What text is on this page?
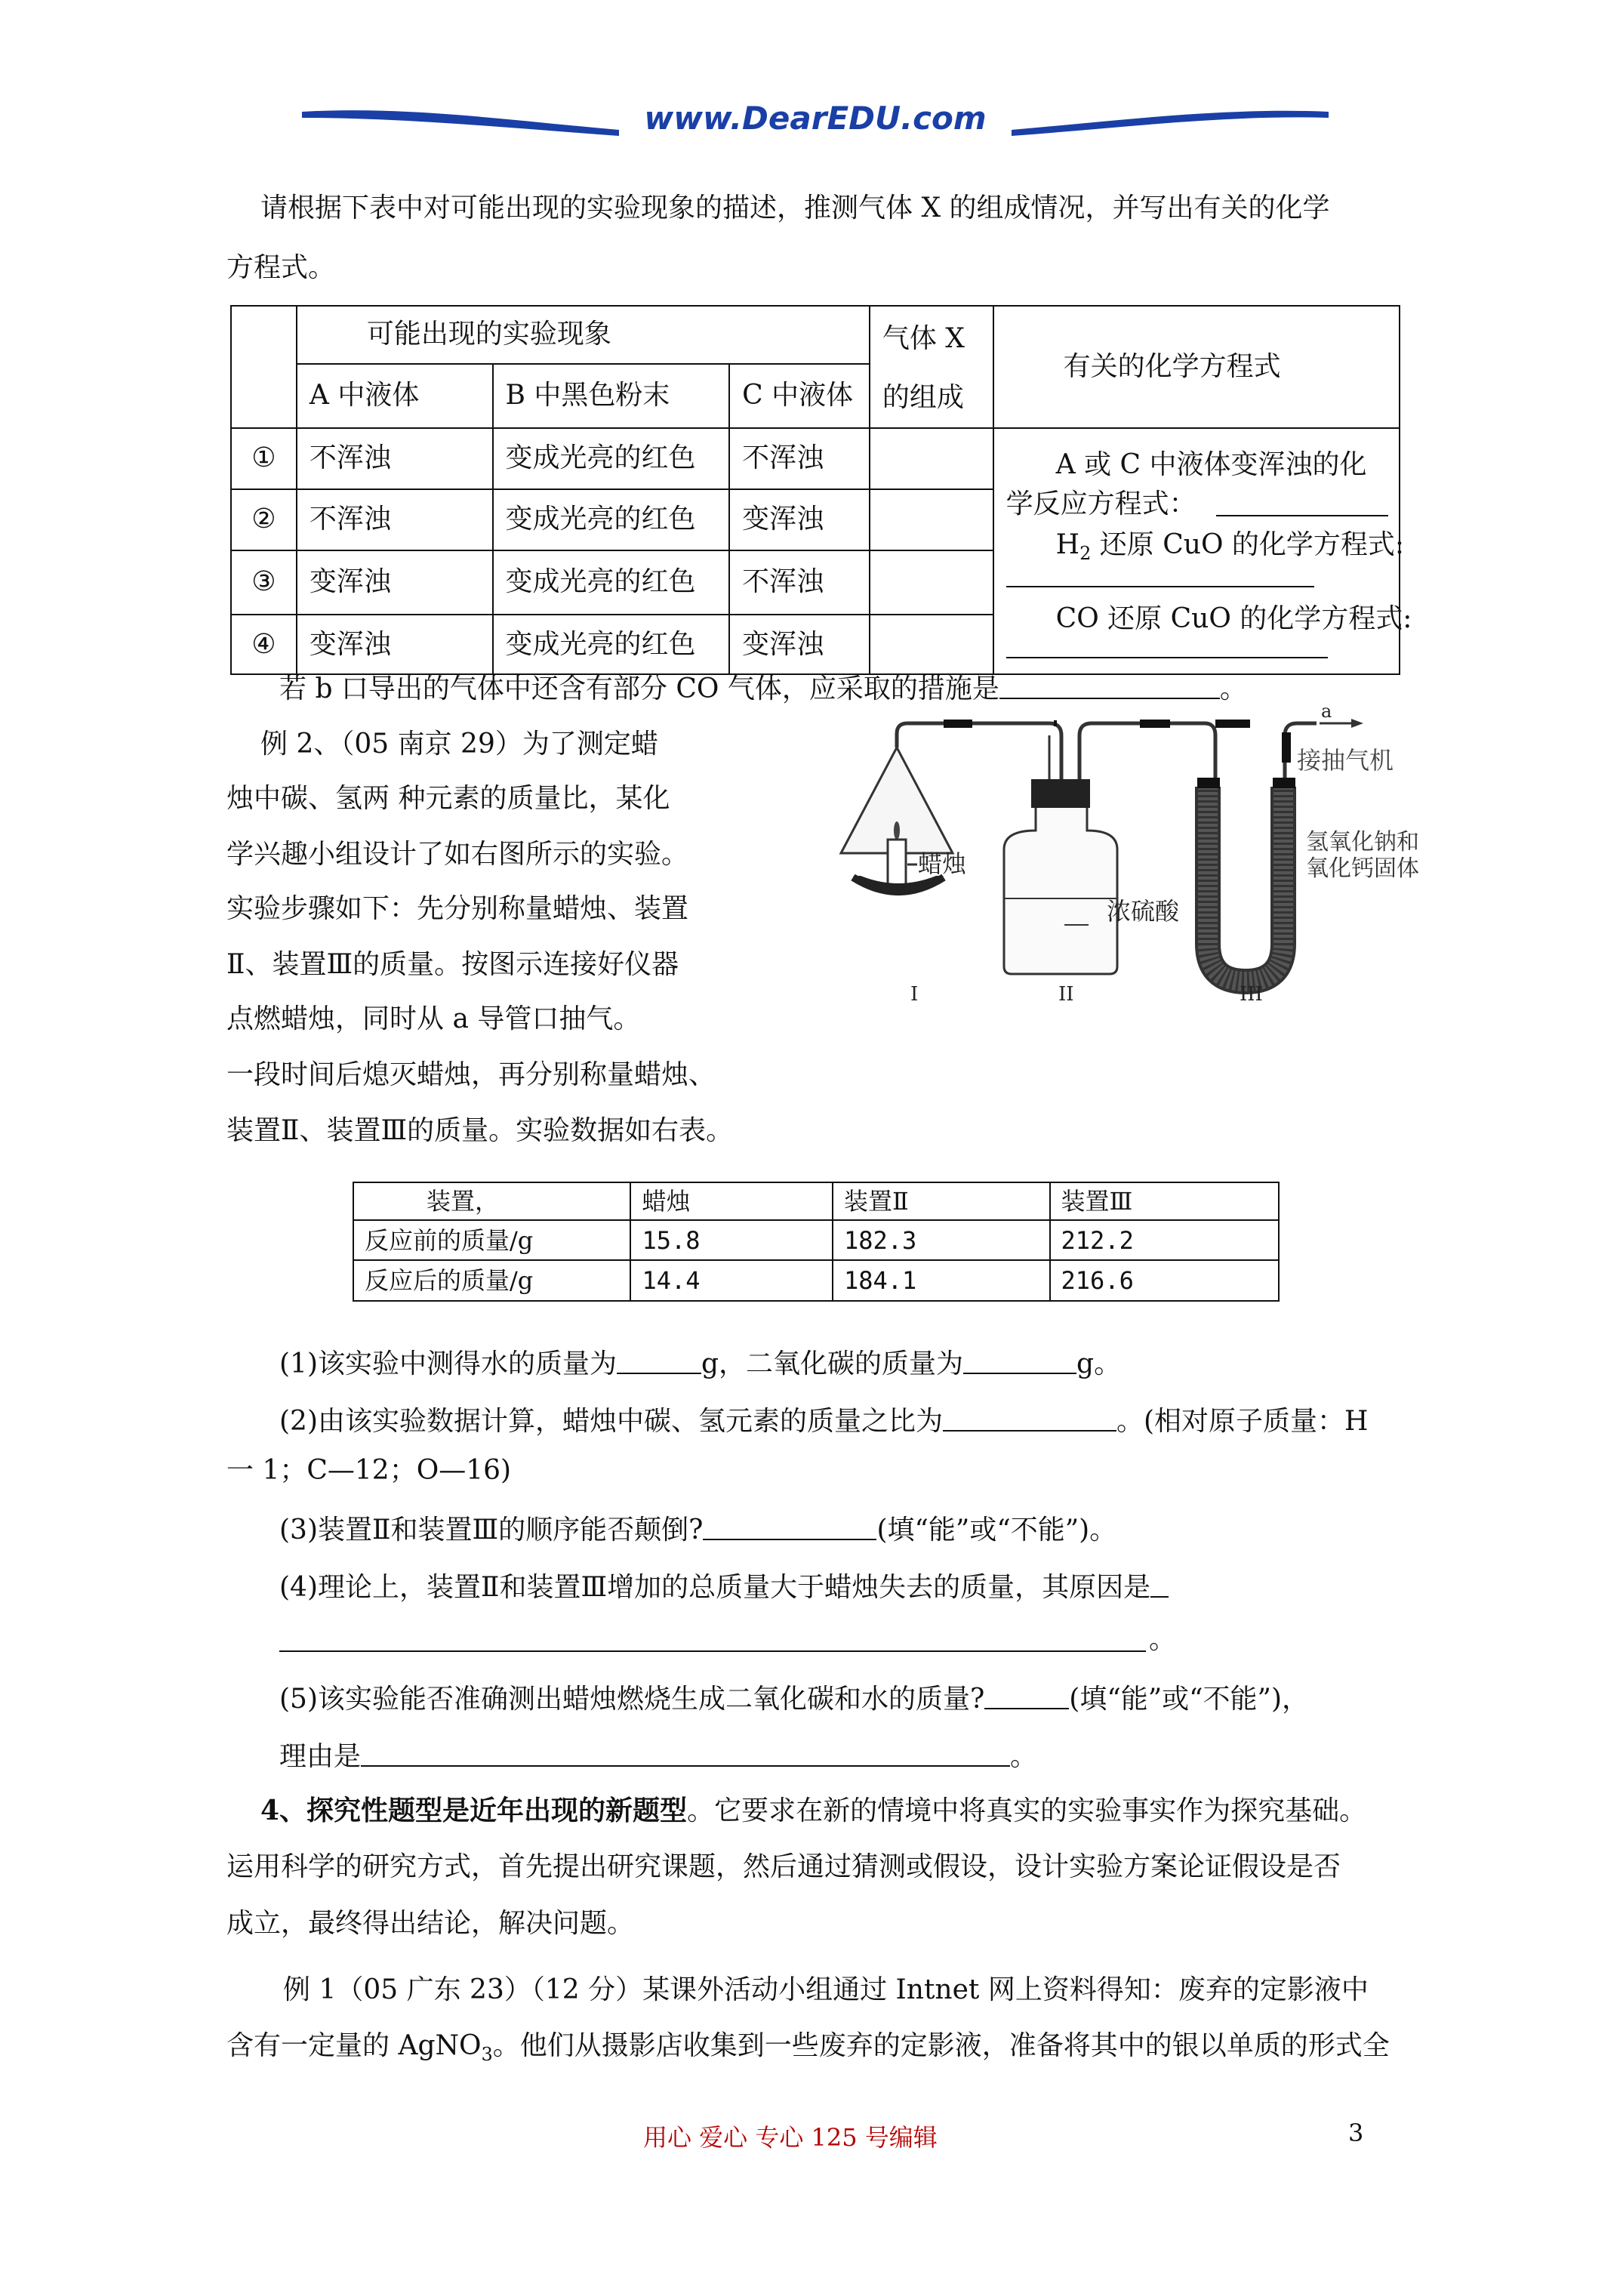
www.DearEDU.com
请根据下表中对可能出现的实验现象的描述，推测气体 X 的组成情况，并写出有关的化学
方程式。
	可能出现的实验现象			气体 X
的组成	有关的化学方程式
	A 中液体	B 中黑色粉末	C 中液体		
①	不浑浊	变成光亮的红色	不浑浊		A 或 C 中液体变浑浊的化
学反应方程式：
$H_2$ 还原 CuO 的化学方程式:
CO 还原 CuO 的化学方程式:

②	不浑浊	变成光亮的红色	变浑浊		
③	变浑浊	变成光亮的红色	不浑浊		
④	变浑浊	变成光亮的红色	变浑浊		
若 b 口导出的气体中还含有部分 CO 气体，应采取的措施是	。
例 2、（05 南京 29）为了测定蜡
烛中碳、氢两 种元素的质量比，某化
学兴趣小组设计了如右图所示的实验。
实验步骤如下：先分别称量蜡烛、装置
Ⅱ、装置Ⅲ的质量。按图示连接好仪器
点燃蜡烛，同时从 a 导管口抽气。
一段时间后熄灭蜡烛，再分别称量蜡烛、
装置Ⅱ、装置Ⅲ的质量。实验数据如右表。
蜡烛
浓硫酸
a
接抽气机
氢氧化钠和
氧化钙固体
I	II	III
装置，	蜡烛	装置Ⅱ	装置Ⅲ
反应前的质量/g	15.8	182.3	212.2
反应后的质量/g	14.4	184.1	216.6
(1)该实验中测得水的质量为	g，二氧化碳的质量为	g。
(2)由该实验数据计算，蜡烛中碳、氢元素的质量之比为	。(相对原子质量：H
一 1；C—12；O—16)
(3)装置Ⅱ和装置Ⅲ的顺序能否颠倒?	(填“能”或“不能”)。
(4)理论上，装置Ⅱ和装置Ⅲ增加的总质量大于蜡烛失去的质量，其原因是
。
(5)该实验能否准确测出蜡烛燃烧生成二氧化碳和水的质量?	(填“能”或“不能”)，
理由是	。
4、探究性题型是近年出现的新题型。它要求在新的情境中将真实的实验事实作为探究基础。
运用科学的研究方式，首先提出研究课题，然后通过猜测或假设，设计实验方案论证假设是否
成立，最终得出结论，解决问题。
例 1（05 广东 23）（12 分）某课外活动小组通过 Intnet 网上资料得知：废弃的定影液中
含有一定量的 AgNO$_3$。他们从摄影店收集到一些废弃的定影液，准备将其中的银以单质的形式全
用心 爱心 专心 125 号编辑	3
